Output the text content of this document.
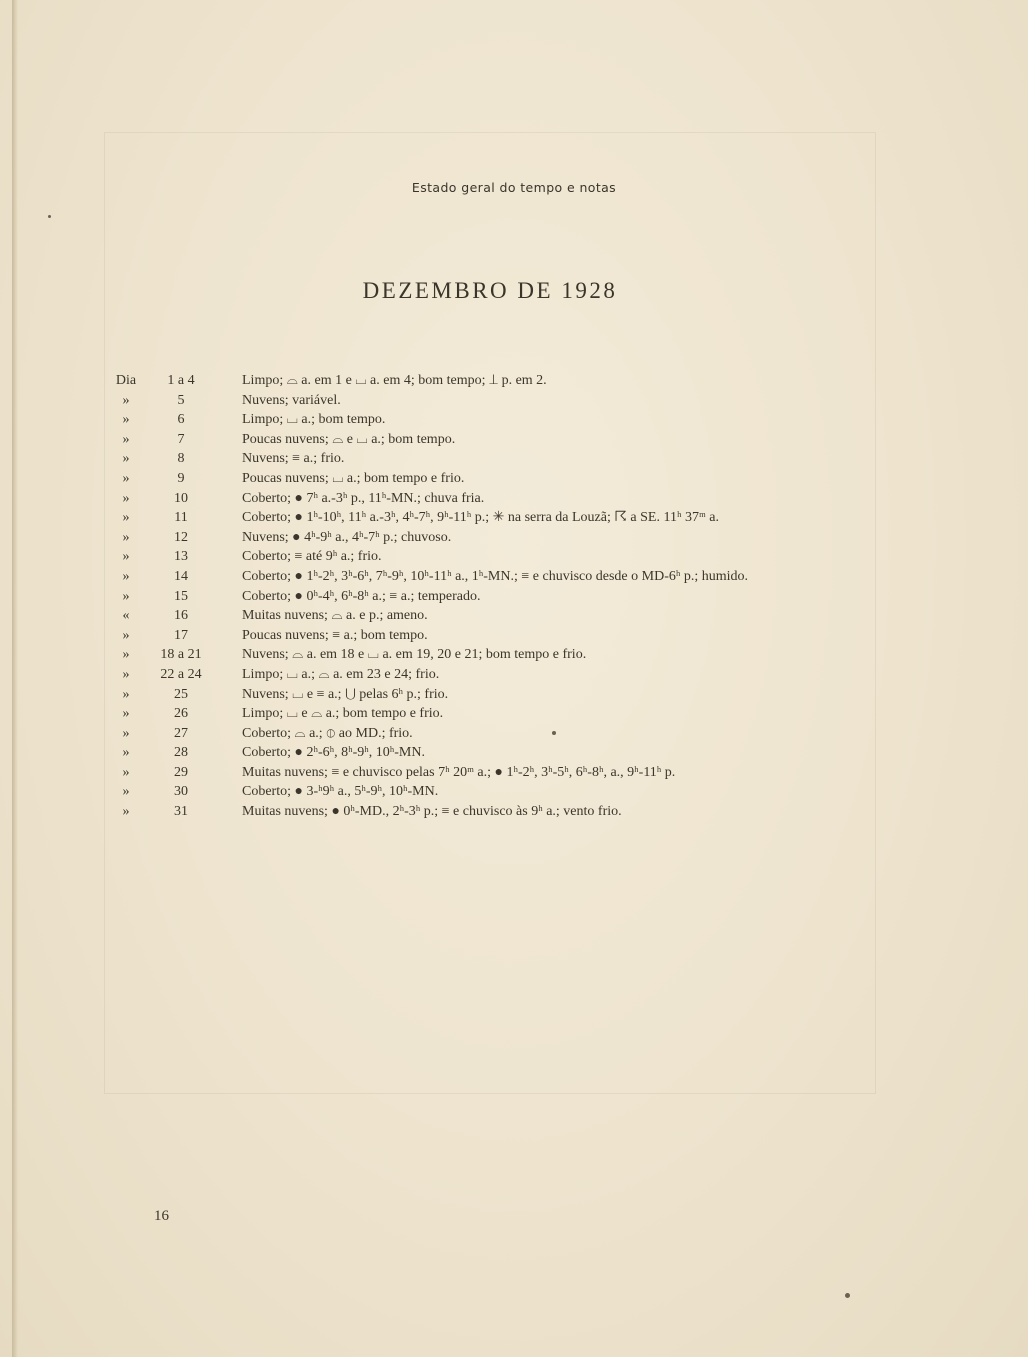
Estado geral do tempo e notas
DEZEMBRO DE 1928
Dia	1 a 4	Limpo; ⌓ a. em 1 e ⌴ a. em 4; bom tempo; ⊥ p. em 2.
»	5	Nuvens; variável.
»	6	Limpo; ⌴ a.; bom tempo.
»	7	Poucas nuvens; ⌓ e ⌴ a.; bom tempo.
»	8	Nuvens; ≡ a.; frio.
»	9	Poucas nuvens; ⌴ a.; bom tempo e frio.
»	10	Coberto; ● 7ʰ a.-3ʰ p., 11ʰ-MN.; chuva fria.
»	11	Coberto; ● 1ʰ-10ʰ, 11ʰ a.-3ʰ, 4ʰ-7ʰ, 9ʰ-11ʰ p.; ✳ na serra da Louzã; ☈ a SE. 11ʰ 37ᵐ a.
»	12	Nuvens; ● 4ʰ-9ʰ a., 4ʰ-7ʰ p.; chuvoso.
»	13	Coberto; ≡ até 9ʰ a.; frio.
»	14	Coberto; ● 1ʰ-2ʰ, 3ʰ-6ʰ, 7ʰ-9ʰ, 10ʰ-11ʰ a., 1ʰ-MN.; ≡ e chuvisco desde o MD-6ʰ p.; humido.
»	15	Coberto; ● 0ʰ-4ʰ, 6ʰ-8ʰ a.; ≡ a.; temperado.
«	16	Muitas nuvens; ⌓ a. e p.; ameno.
»	17	Poucas nuvens; ≡ a.; bom tempo.
»	18 a 21	Nuvens; ⌓ a. em 18 e ⌴ a. em 19, 20 e 21; bom tempo e frio.
»	22 a 24	Limpo; ⌴ a.; ⌓ a. em 23 e 24; frio.
»	25	Nuvens; ⌴ e ≡ a.; ⋃ pelas 6ʰ p.; frio.
»	26	Limpo; ⌴ e ⌓ a.; bom tempo e frio.
»	27	Coberto; ⌓ a.; ⦶ ao MD.; frio.
»	28	Coberto; ● 2ʰ-6ʰ, 8ʰ-9ʰ, 10ʰ-MN.
»	29	Muitas nuvens; ≡ e chuvisco pelas 7ʰ 20ᵐ a.; ● 1ʰ-2ʰ, 3ʰ-5ʰ, 6ʰ-8ʰ, a., 9ʰ-11ʰ p.
»	30	Coberto; ● 3-ʰ9ʰ a., 5ʰ-9ʰ, 10ʰ-MN.
»	31	Muitas nuvens; ● 0ʰ-MD., 2ʰ-3ʰ p.; ≡ e chuvisco às 9ʰ a.; vento frio.
16
